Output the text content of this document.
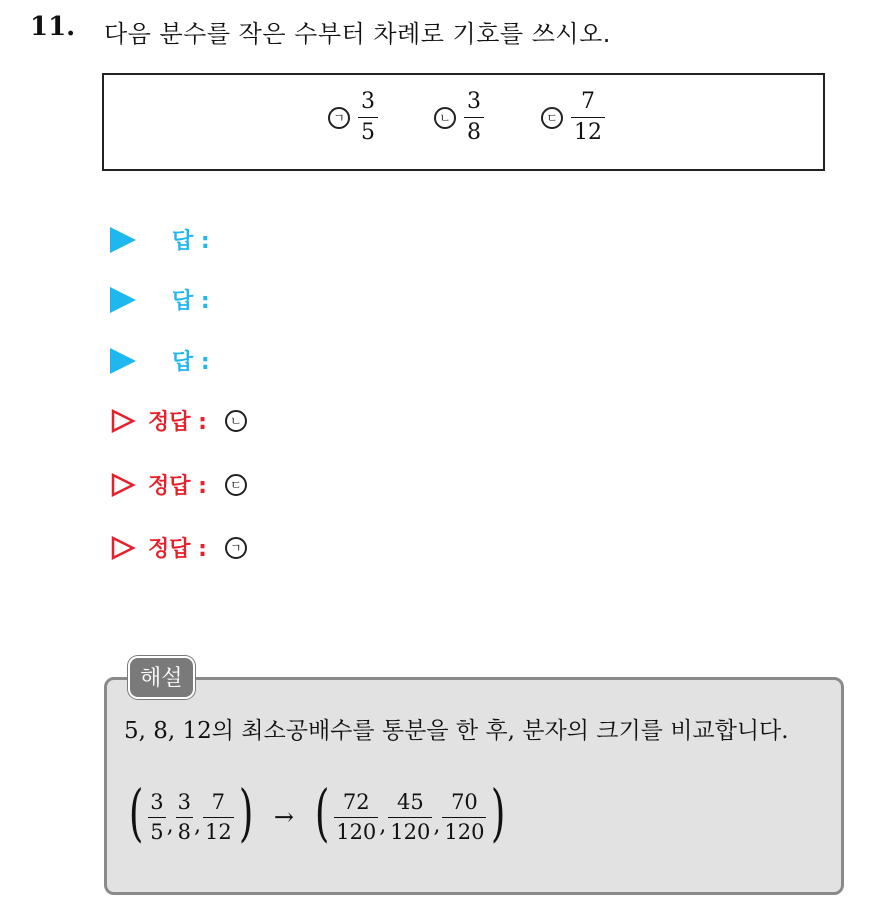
11. 다음 분수를 작은 수부터 차례로 기호를 쓰시오.
ㄱ $\frac{3}{5}$	ㄴ $\frac{3}{8}$	ㄷ $\frac{7}{12}$
답 :
답 :
답 :
정답 :	ㄴ
정답 :	ㄷ
정답 :	ㄱ
해설
5, 8, 12의 최소공배수를 통분을 한 후, 분자의 크기를 비교합니다.
( $\frac{3}{5}$ , $\frac{3}{8}$ , $\frac{7}{12}$ ) → ( $\frac{72}{120}$ , $\frac{45}{120}$ , $\frac{70}{120}$ )
